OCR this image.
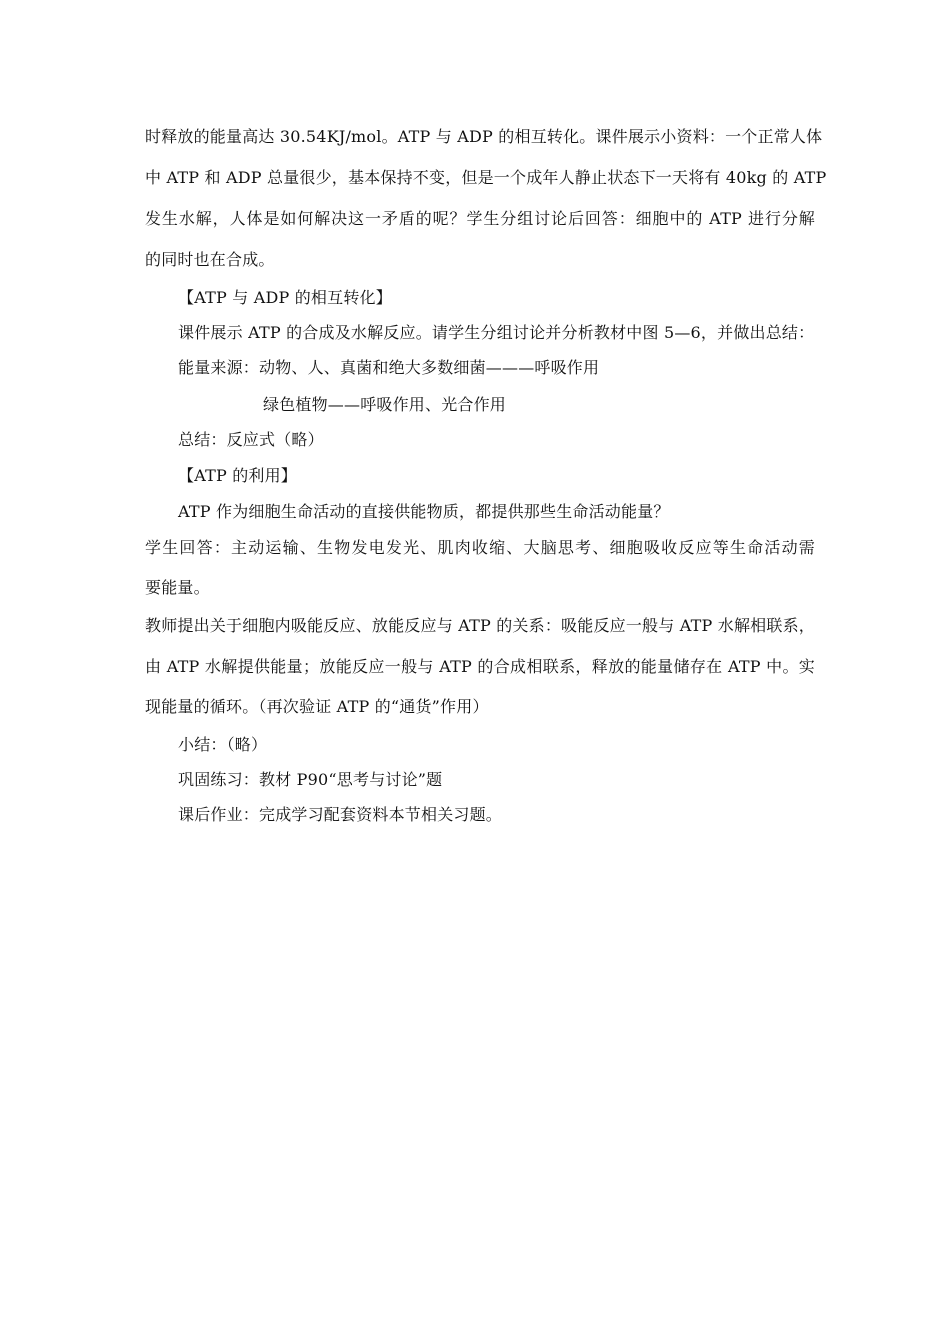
时释放的能量高达 30.54KJ/mol。ATP 与 ADP 的相互转化。课件展示小资料：一个正常人体
中 ATP 和 ADP 总量很少，基本保持不变，但是一个成年人静止状态下一天将有 40kg 的 ATP
发生水解，人体是如何解决这一矛盾的呢？学生分组讨论后回答：细胞中的 ATP 进行分解
的同时也在合成。
【ATP 与 ADP 的相互转化】
课件展示 ATP 的合成及水解反应。请学生分组讨论并分析教材中图 5—6，并做出总结：
能量来源：动物、人、真菌和绝大多数细菌———呼吸作用
绿色植物——呼吸作用、光合作用
总结：反应式（略）
【ATP 的利用】
ATP 作为细胞生命活动的直接供能物质，都提供那些生命活动能量？
学生回答：主动运输、生物发电发光、肌肉收缩、大脑思考、细胞吸收反应等生命活动需
要能量。
教师提出关于细胞内吸能反应、放能反应与 ATP 的关系：吸能反应一般与 ATP 水解相联系，
由 ATP 水解提供能量；放能反应一般与 ATP 的合成相联系，释放的能量储存在 ATP 中。实
现能量的循环。（再次验证 ATP 的“通货”作用）
小结：（略）
巩固练习：教材 P90“思考与讨论”题
课后作业：完成学习配套资料本节相关习题。
